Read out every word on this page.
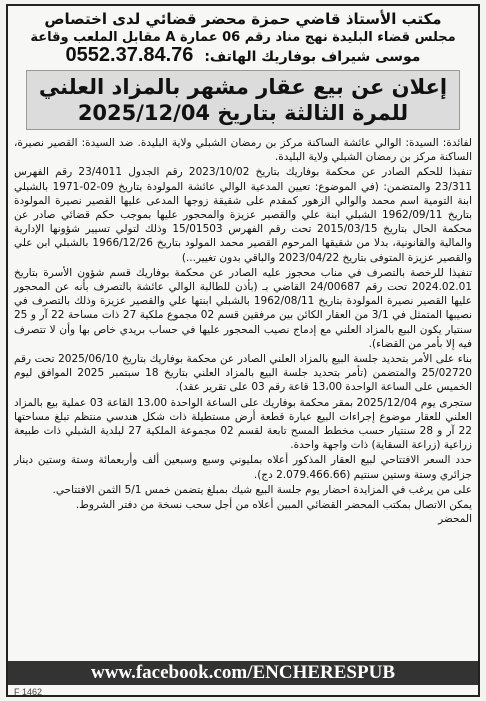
مكتب الأستاذ قاضي حمزة محضر قضائي لدى اختصاص
مجلس قضاء البليدة نهج مناد رقم 06 عمارة A مقابل الملعب وقاعة
موسى شيراف بوفاريك الهاتف: 0552.37.84.76
إعلان عن بيع عقار مشهر بالمزاد العلني
للمرة الثالثة بتاريخ 2025/12/04

لفائدة: السيدة: الوالي عائشة الساكنة مركز بن رمضان الشبلي ولاية البليدة. ضد السيدة: القصير نصيرة، الساكنة مركز بن رمضان الشبلي ولاية البليدة.

تنفيذا للحكم الصادر عن محكمة بوفاريك بتاريخ 2023/10/02 رقم الجدول 23/4011 رقم الفهرس 23/311 والمتضمن: (في الموضوع: تعيين المدعية الوالي عائشة المولودة بتاريخ 09-02-1971 بالشبلي ابنة التومية اسم محمد والوالي الزهور كمقدم على شقيقة زوجها المدعى عليها القصير نصيرة المولودة بتاريخ 1962/09/11 الشبلي ابنة علي والقصير عزيزة والمحجور عليها بموجب حكم قضائي صادر عن محكمة الحال بتاريخ 2015/03/15 تحت رقم الفهرس 15/01503 وذلك لتولي تسيير شؤونها الإدارية والمالية والقانونية، بدلا من شقيقها المرحوم القصير محمد المولود بتاريخ 1966/12/26 بالشبلي ابن علي والقصير عزيزة المتوفى بتاريخ 2023/04/22 والباقي بدون تغيير...)

تنفيذا للرخصة بالتصرف في مناب محجوز عليه الصادر عن محكمة بوفاريك قسم شؤون الأسرة بتاريخ 2024.02.01 تحت رقم 24/00687 القاضي بـ (بأذن للطالبة الوالي عائشة بالتصرف بأنه عن المحجور عليها القصير نصيرة المولودة بتاريخ 1962/08/11 بالشبلي ابنتها علي والقصير عزيزة وذلك بالتصرف في نصيبها المتمثل في 3/1 من العقار الكائن بين مرفقين قسم 02 مجموع ملكية 27 ذات مساحة 22 آر و 25 سنتيار يكون البيع بالمزاد العلني مع إدماج نصيب المحجور عليها في حساب بريدي خاص بها وأن لا تتصرف فيه إلا بأمر من القضاء).

بناء على الأمر بتحديد جلسة البيع بالمزاد العلني الصادر عن محكمة بوفاريك بتاريخ 2025/06/10 تحت رقم 25/02720 والمتضمن (تأمر بتحديد جلسة البيع بالمزاد العلني بتاريخ 18 سبتمبر 2025 الموافق ليوم الخميس على الساعة الواحدة 13،00 قاعة رقم 03 على تقرير عقد).

ستجرى يوم 2025/12/04 بمقر محكمة بوفاريك على الساعة الواحدة 13،00 القاعة 03 عملية بيع بالمزاد العلني للعقار موضوع إجراءات البيع عبارة قطعة أرض مستطيلة ذات شكل هندسي منتظم تبلغ مساحتها 22 آر و 28 سنتيار حسب مخطط المسح تابعة لقسم 02 مجموعة الملكية 27 لبلدية الشبلي ذات طبيعة زراعية (زراعة السقاية) ذات واجهة واحدة.

حدد السعر الافتتاحي لبيع العقار المذكور أعلاه بمليوني وسبع وسبعين ألف وأربعمائة وستة وستين دينار جزائري وستة وستين سنتيم (2.079.466.66 دج).

على من يرغب في المزايدة احضار يوم جلسة البيع شيك بمبلغ يتضمن خمس 5/1 الثمن الافتتاحي.

يمكن الاتصال بمكتب المحضر القضائي المبين أعلاه من أجل سحب نسخة من دفتر الشروط.

المحضر
www.facebook.com/ENCHERESPUB
F 1462
